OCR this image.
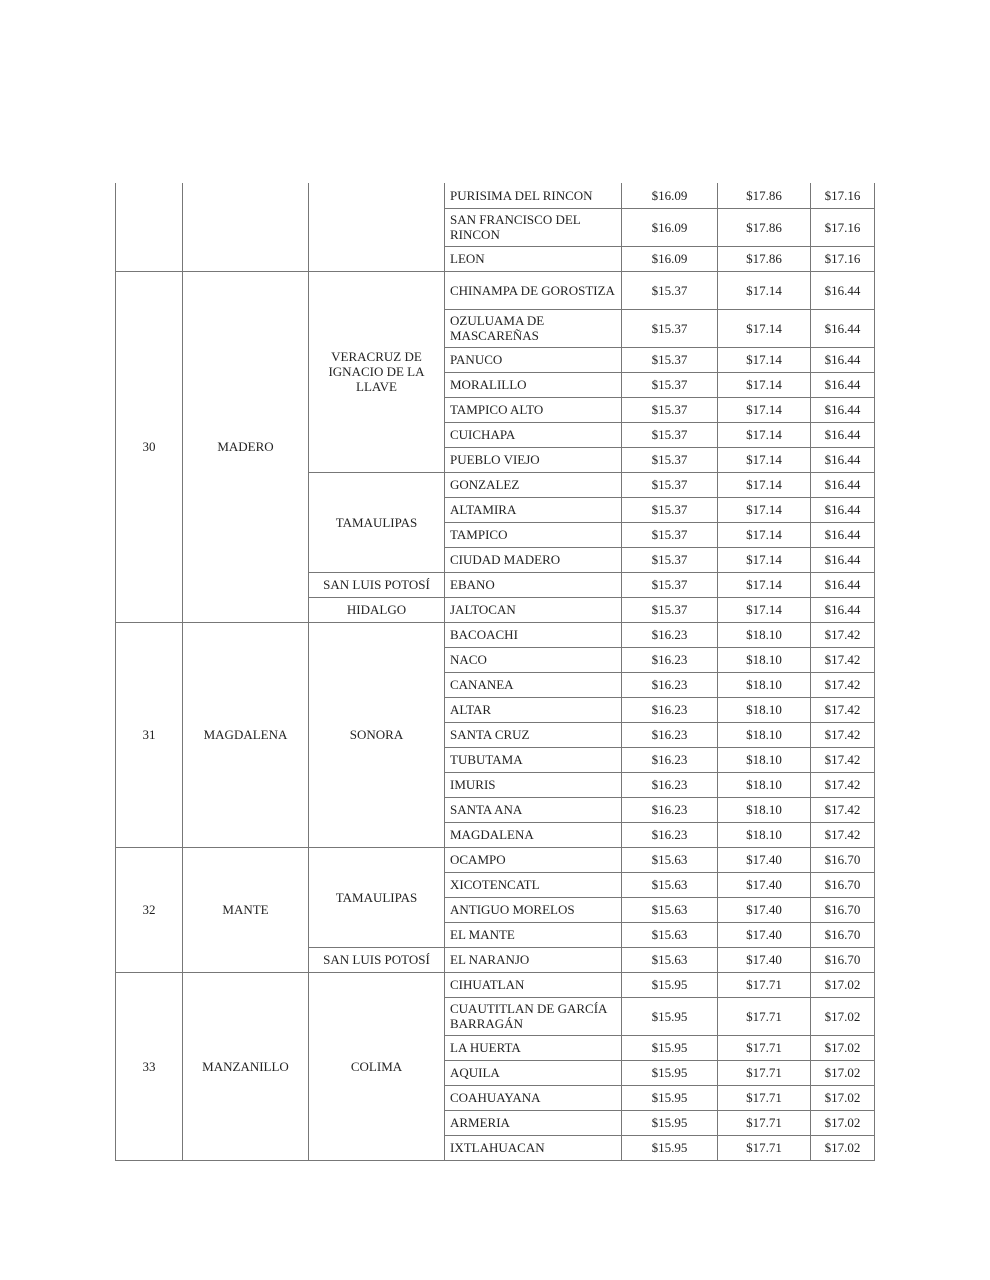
			PURISIMA DEL RINCON	$16.09	$17.86	$17.16
			SAN FRANCISCO DEL RINCON	$16.09	$17.86	$17.16
			LEON	$16.09	$17.86	$17.16
30	MADERO	VERACRUZ DE IGNACIO DE LA LLAVE	CHINAMPA DE GOROSTIZA	$15.37	$17.14	$16.44
			OZULUAMA DE MASCAREÑAS	$15.37	$17.14	$16.44
			PANUCO	$15.37	$17.14	$16.44
			MORALILLO	$15.37	$17.14	$16.44
			TAMPICO ALTO	$15.37	$17.14	$16.44
			CUICHAPA	$15.37	$17.14	$16.44
			PUEBLO VIEJO	$15.37	$17.14	$16.44
		TAMAULIPAS	GONZALEZ	$15.37	$17.14	$16.44
			ALTAMIRA	$15.37	$17.14	$16.44
			TAMPICO	$15.37	$17.14	$16.44
			CIUDAD MADERO	$15.37	$17.14	$16.44
		SAN LUIS POTOSÍ	EBANO	$15.37	$17.14	$16.44
		HIDALGO	JALTOCAN	$15.37	$17.14	$16.44
31	MAGDALENA	SONORA	BACOACHI	$16.23	$18.10	$17.42
			NACO	$16.23	$18.10	$17.42
			CANANEA	$16.23	$18.10	$17.42
			ALTAR	$16.23	$18.10	$17.42
			SANTA CRUZ	$16.23	$18.10	$17.42
			TUBUTAMA	$16.23	$18.10	$17.42
			IMURIS	$16.23	$18.10	$17.42
			SANTA ANA	$16.23	$18.10	$17.42
			MAGDALENA	$16.23	$18.10	$17.42
32	MANTE	TAMAULIPAS	OCAMPO	$15.63	$17.40	$16.70
			XICOTENCATL	$15.63	$17.40	$16.70
			ANTIGUO MORELOS	$15.63	$17.40	$16.70
			EL MANTE	$15.63	$17.40	$16.70
		SAN LUIS POTOSÍ	EL NARANJO	$15.63	$17.40	$16.70
33	MANZANILLO	COLIMA	CIHUATLAN	$15.95	$17.71	$17.02
			CUAUTITLAN DE GARCÍA BARRAGÁN	$15.95	$17.71	$17.02
			LA HUERTA	$15.95	$17.71	$17.02
			AQUILA	$15.95	$17.71	$17.02
			COAHUAYANA	$15.95	$17.71	$17.02
			ARMERIA	$15.95	$17.71	$17.02
			IXTLAHUACAN	$15.95	$17.71	$17.02
